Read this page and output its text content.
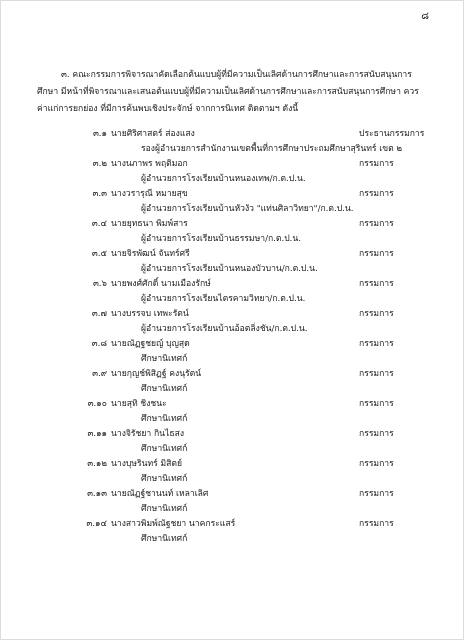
๘
๓. คณะกรรมการพิจารณาคัดเลือกต้นแบบผู้ที่มีความเป็นเลิศด้านการศึกษาและการสนับสนุนการศึกษา มีหน้าที่พิจารณาและเสนอต้นแบบผู้ที่มีความเป็นเลิศด้านการศึกษาและการสนับสนุนการศึกษา ควรค่าแก่การยกย่อง ที่มีการค้นพบเชิงประจักษ์ จากการนิเทศ ติดตามฯ ดังนี้
๓.๑ นายศิริศาสตร์ ส่องแสง	ประธานกรรมการ
รองผู้อำนวยการสำนักงานเขตพื้นที่การศึกษาประถมศึกษาสุรินทร์ เขต ๒
๓.๒ นางนภาพร พฤติมอก	กรรมการ
ผู้อำนวยการโรงเรียนบ้านหนองเทพ/ก.ต.ป.น.
๓.๓ นางวรารุณี หมายสุข	กรรมการ
ผู้อำนวยการโรงเรียนบ้านหัวงัว "แท่นศิลาวิทยา"/ก.ต.ป.น.
๓.๔ นายยุทธนา พิมพ์สาร	กรรมการ
ผู้อำนวยการโรงเรียนบ้านธรรมษา/ก.ต.ป.น.
๓.๕ นายจิรพัฒน์ จันทร์ศรี	กรรมการ
ผู้อำนวยการโรงเรียนบ้านหนองบัวบาน/ก.ต.ป.น.
๓.๖ นายพงศ์ศักดิ์ นามเมืองรักษ์	กรรมการ
ผู้อำนวยการโรงเรียนไตรคามวิทยา/ก.ต.ป.น.
๓.๗ นางบรรจบ เทพะรัตน์	กรรมการ
ผู้อำนวยการโรงเรียนบ้านอ้อตลิ่งชัน/ก.ต.ป.น.
๓.๘ นายณัฏฐชยญ์ บุญสุด	กรรมการ
ศึกษานิเทศก์
๓.๙ นายกุญช์พิสิฏฐ์ คงนุรัตน์	กรรมการ
ศึกษานิเทศก์
๓.๑๐ นายสุทิ ชิงชนะ	กรรมการ
ศึกษานิเทศก์
๓.๑๑ นางจิรัชยา กินไธสง	กรรมการ
ศึกษานิเทศก์
๓.๑๒ นางบุษรินทร์ มิสิตย์	กรรมการ
ศึกษานิเทศก์
๓.๑๓ นายณัฏฐ์ชานนท์ เหลาเลิศ	กรรมการ
ศึกษานิเทศก์
๓.๑๔ นางสาวพิมพ์ณัฐชยา นาคกระแสร์	กรรมการ
ศึกษานิเทศก์
